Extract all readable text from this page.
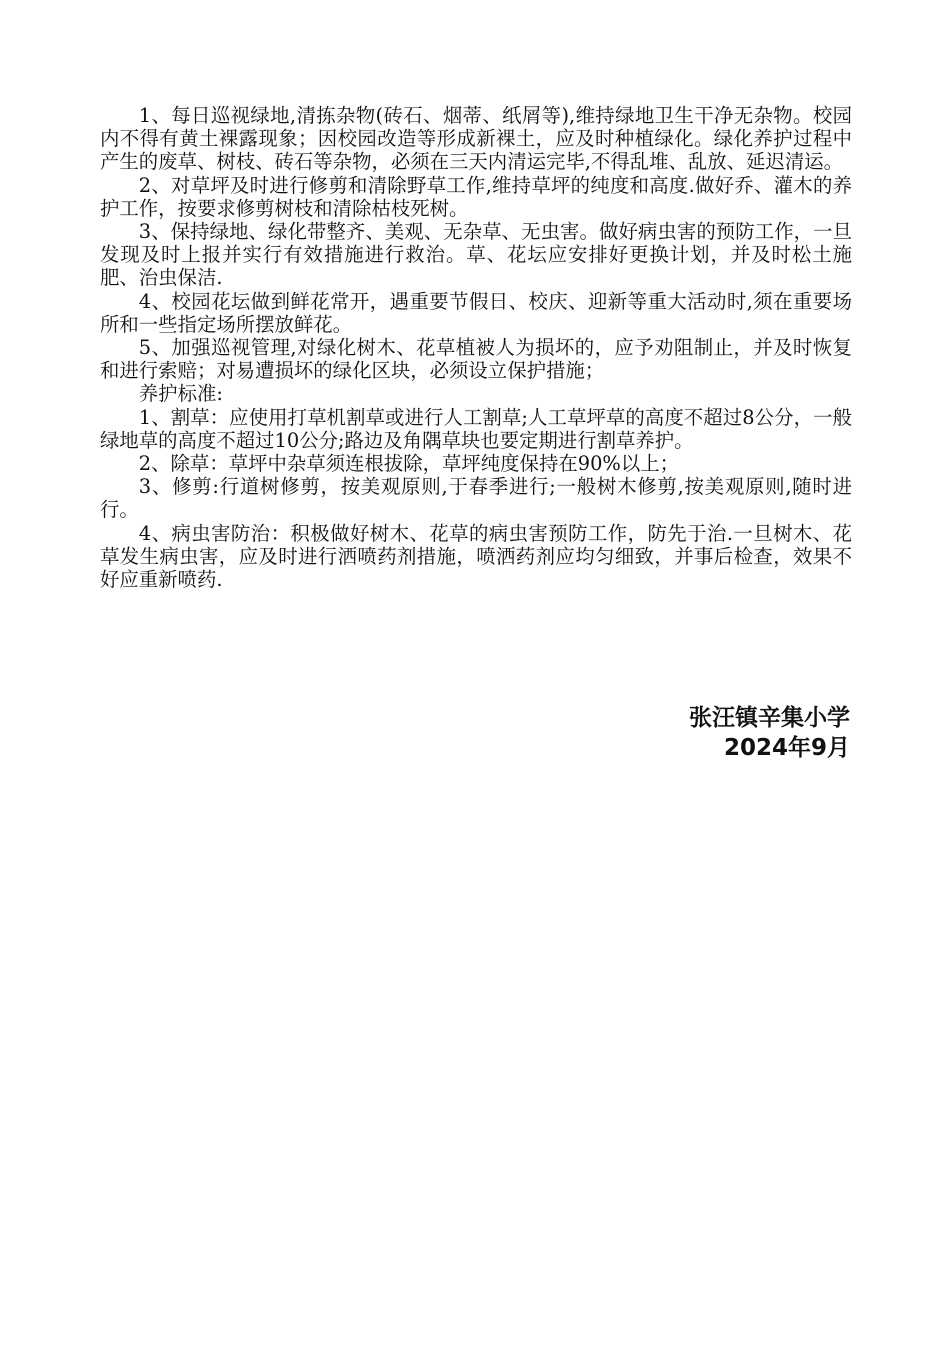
1、每日巡视绿地,清拣杂物(砖石、烟蒂、纸屑等),维持绿地卫生干净无杂物。校园内不得有黄土裸露现象；因校园改造等形成新裸土，应及时种植绿化。绿化养护过程中产生的废草、树枝、砖石等杂物，必须在三天内清运完毕,不得乱堆、乱放、延迟清运。

2、对草坪及时进行修剪和清除野草工作,维持草坪的纯度和高度.做好乔、灌木的养护工作，按要求修剪树枝和清除枯枝死树。

3、保持绿地、绿化带整齐、美观、无杂草、无虫害。做好病虫害的预防工作，一旦发现及时上报并实行有效措施进行救治。草、花坛应安排好更换计划，并及时松土施肥、治虫保洁.

4、校园花坛做到鲜花常开，遇重要节假日、校庆、迎新等重大活动时,须在重要场所和一些指定场所摆放鲜花。

5、加强巡视管理,对绿化树木、花草植被人为损坏的，应予劝阻制止，并及时恢复和进行索赔；对易遭损坏的绿化区块，必须设立保护措施；

养护标准:

1、割草：应使用打草机割草或进行人工割草;人工草坪草的高度不超过8公分，一般绿地草的高度不超过10公分;路边及角隅草块也要定期进行割草养护。

2、除草：草坪中杂草须连根拔除，草坪纯度保持在90%以上；

3、修剪:行道树修剪，按美观原则,于春季进行;一般树木修剪,按美观原则,随时进行。

4、病虫害防治：积极做好树木、花草的病虫害预防工作，防先于治.一旦树木、花草发生病虫害，应及时进行洒喷药剂措施，喷洒药剂应均匀细致，并事后检查，效果不好应重新喷药.

张汪镇辛集小学
2024年9月
